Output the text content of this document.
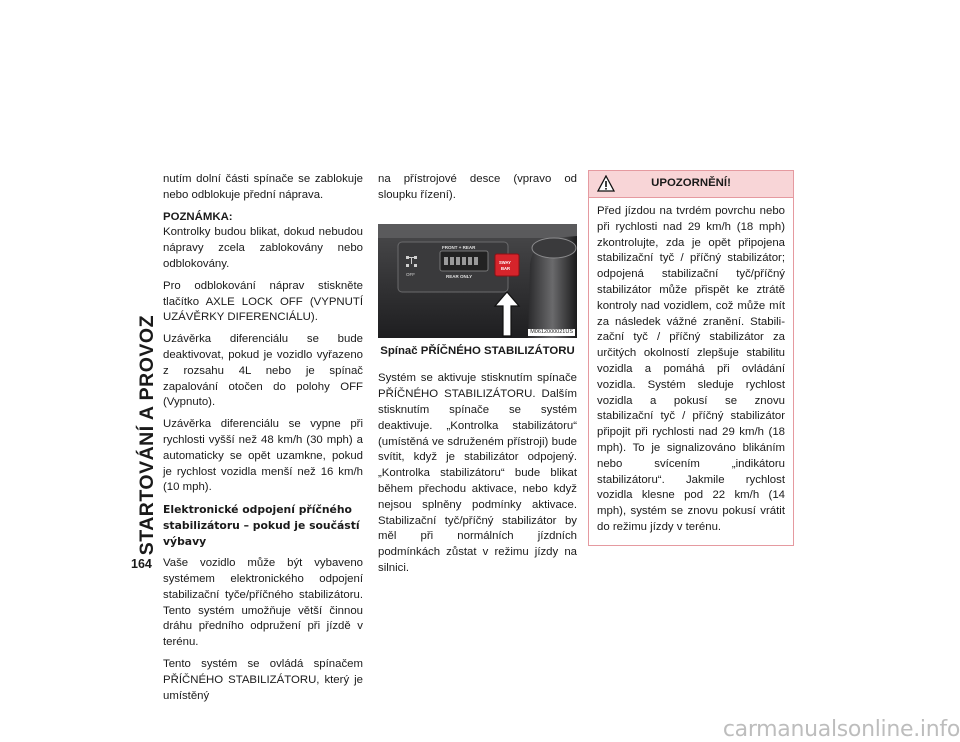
STARTOVÁNÍ A PROVOZ
164

nutím dolní části spínače se zablokuje nebo odblokuje přední náprava.

POZNÁMKA:

Kontrolky budou blikat, dokud nebudou nápravy zcela zablokovány nebo odblokovány.

Pro odblokování náprav stiskněte tlačítko AXLE LOCK OFF (VYPNUTÍ UZÁVĚRKY DIFERENCIÁLU).

Uzávěrka diferenciálu se bude deaktivovat, pokud je vozidlo vyřazeno z rozsahu 4L nebo je spínač zapalování otočen do polohy OFF (Vypnuto).

Uzávěrka diferenciálu se vypne při rychlosti vyšší než 48 km/h (30 mph) a automaticky se opět uzamkne, pokud je rychlost vozidla menší než 16 km/h (10 mph).

Elektronické odpojení příčného stabilizátoru – pokud je součástí výbavy

Vaše vozidlo může být vybaveno systémem elektronického odpojení stabilizační tyče/příčného stabilizátoru. Tento systém umožňuje větší činnou dráhu předního odpružení při jízdě v terénu.

Tento systém se ovládá spínačem PŘÍČNÉHO STABILIZÁTORU, který je umístěný

na přístrojové desce (vpravo od sloupku řízení).

FRONT + REAR
REAR ONLY
OFF
SWAY
BAR
M0612000021US
Spínač PŘÍČNÉHO STABILIZÁTORU

Systém se aktivuje stisknutím spínače PŘÍČNÉHO STABILIZÁTORU. Dalším stisknutím spínače se systém deaktivuje. „Kontrolka stabilizátoru“ (umístěná ve sdruženém přístroji) bude svítit, když je stabilizátor odpojený. „Kontrolka stabilizátoru“ bude blikat během přechodu aktivace, nebo když nejsou splněny podmínky aktivace. Stabilizační tyč/příčný stabilizátor by měl při normálních jízdních podmínkách zůstat v režimu jízdy na silnici.

UPOZORNĚNÍ!

Před jízdou na tvrdém povrchu nebo při rychlosti nad 29 km/h (18 mph) zkontrolujte, zda je opět připojena stabilizační tyč / příčný stabilizátor; odpojená stabilizační tyč/příčný stabilizátor může přispět ke ztrátě kontroly nad vozidlem, což může mít za následek vážné zranění. Stabilizační tyč / příčný stabilizátor za určitých okolností zlepšuje stabilitu vozidla a pomáhá při ovládání vozidla. Systém sleduje rychlost vozidla a pokusí se znovu stabilizační tyč / příčný stabilizátor připojit při rychlosti nad 29 km/h (18 mph). To je signalizováno blikáním nebo svícením „indikátoru stabilizátoru“. Jakmile rychlost vozidla klesne pod 22 km/h (14 mph), systém se znovu pokusí vrátit do režimu jízdy v terénu.

carmanualsonline.info
